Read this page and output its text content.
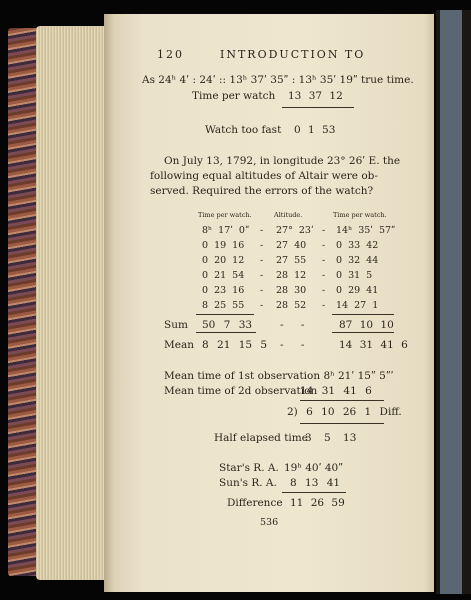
120	INTRODUCTION TO
As 24ʰ 4ʹ : 24ʹ :: 13ʰ 37ʹ 35ʺ : 13ʰ 35ʹ 19ʺ true time.
Time per watch 13 37 12
Watch too fast 0 1 53
On July 13, 1792, in longitude 23° 26ʹ E. the
following equal altitudes of Altair were ob-
served. Required the errors of the watch?
Time per watch.	Altitude.	Time per watch.
8ʰ 17ʹ 0ʺ - 27° 23ʹ - 14ʰ 35ʹ 57ʺ
0 19 16 - 27 40 - 0 33 42
0 20 12 - 27 55 - 0 32 44
0 21 54 - 28 12 - 0 31 5
0 23 16 - 28 30 - 0 29 41
8 25 55 - 28 52 - 14 27 1
Sum 50 7 33	- -	87 10 10
Mean 8 21 15 5 - -	14 31 41 6
Mean time of 1st observation 8ʰ 21ʹ 15ʺ 5ʺʹ
Mean time of 2d observation
14 31 41 6
2) 6 10 26 1 Diff.
Half elapsed time
3 5 13
Star's R. A. 19ʰ 40ʹ 40ʺ
Sun's R. A. 8 13 41
Difference 11 26 59
536
